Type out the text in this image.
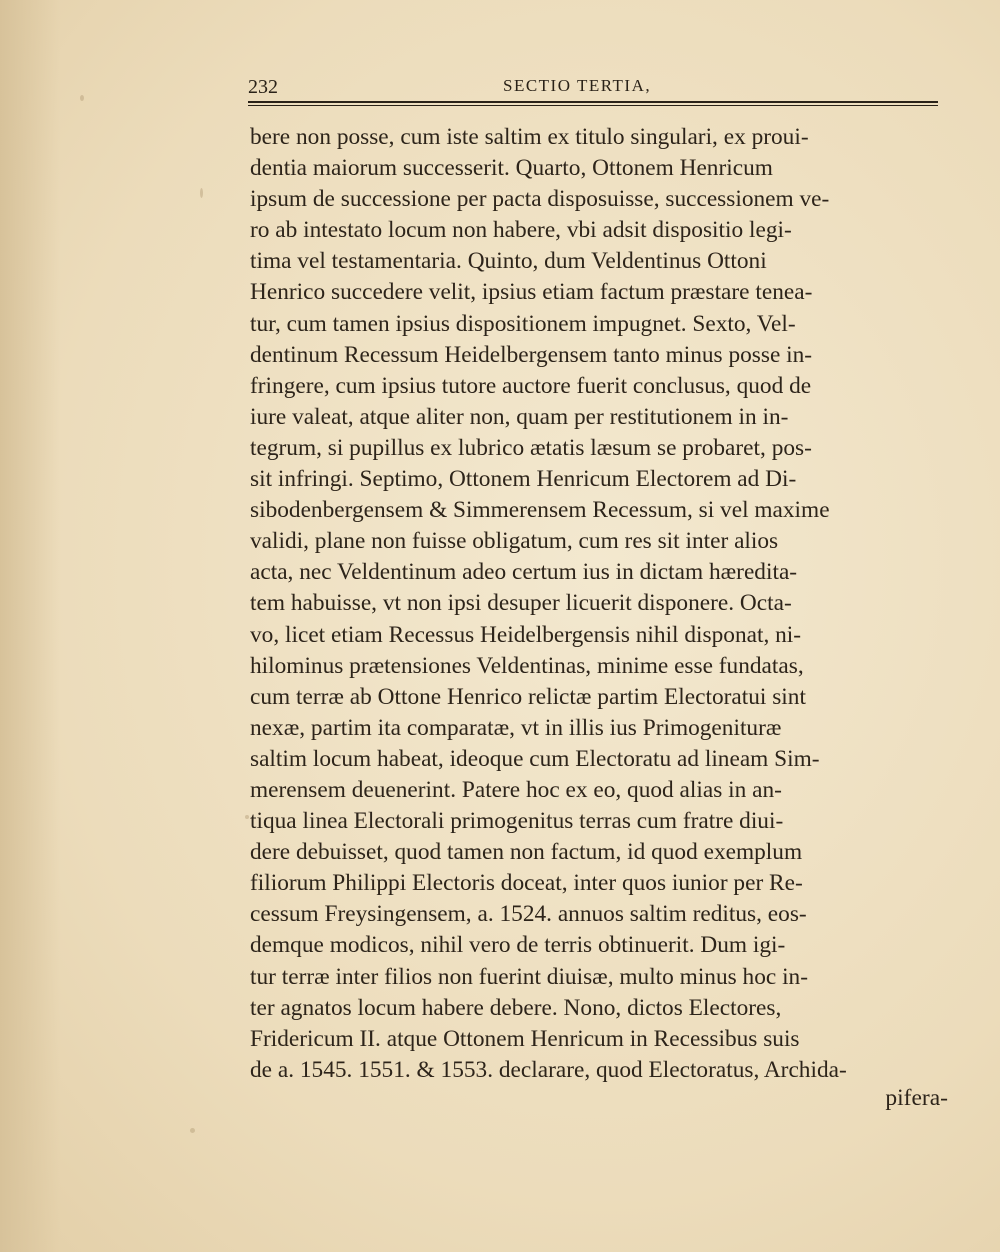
232	SECTIO TERTIA,
bere non posse, cum iste saltim ex titulo singulari, ex proui-
dentia maiorum successerit. Quarto, Ottonem Henricum
ipsum de successione per pacta disposuisse, successionem ve-
ro ab intestato locum non habere, vbi adsit dispositio legi-
tima vel testamentaria. Quinto, dum Veldentinus Ottoni
Henrico succedere velit, ipsius etiam factum præstare tenea-
tur, cum tamen ipsius dispositionem impugnet. Sexto, Vel-
dentinum Recessum Heidelbergensem tanto minus posse in-
fringere, cum ipsius tutore auctore fuerit conclusus, quod de
iure valeat, atque aliter non, quam per restitutionem in in-
tegrum, si pupillus ex lubrico ætatis læsum se probaret, pos-
sit infringi. Septimo, Ottonem Henricum Electorem ad Di-
sibodenbergensem & Simmerensem Recessum, si vel maxime
validi, plane non fuisse obligatum, cum res sit inter alios
acta, nec Veldentinum adeo certum ius in dictam hæredita-
tem habuisse, vt non ipsi desuper licuerit disponere. Octa-
vo, licet etiam Recessus Heidelbergensis nihil disponat, ni-
hilominus prætensiones Veldentinas, minime esse fundatas,
cum terræ ab Ottone Henrico relictæ partim Electoratui sint
nexæ, partim ita comparatæ, vt in illis ius Primogenituræ
saltim locum habeat, ideoque cum Electoratu ad lineam Sim-
merensem deuenerint. Patere hoc ex eo, quod alias in an-
tiqua linea Electorali primogenitus terras cum fratre diui-
dere debuisset, quod tamen non factum, id quod exemplum
filiorum Philippi Electoris doceat, inter quos iunior per Re-
cessum Freysingensem, a. 1524. annuos saltim reditus, eos-
demque modicos, nihil vero de terris obtinuerit. Dum igi-
tur terræ inter filios non fuerint diuisæ, multo minus hoc in-
ter agnatos locum habere debere. Nono, dictos Electores,
Fridericum II. atque Ottonem Henricum in Recessibus suis
de a. 1545. 1551. & 1553. declarare, quod Electoratus, Archida-
pifera-
